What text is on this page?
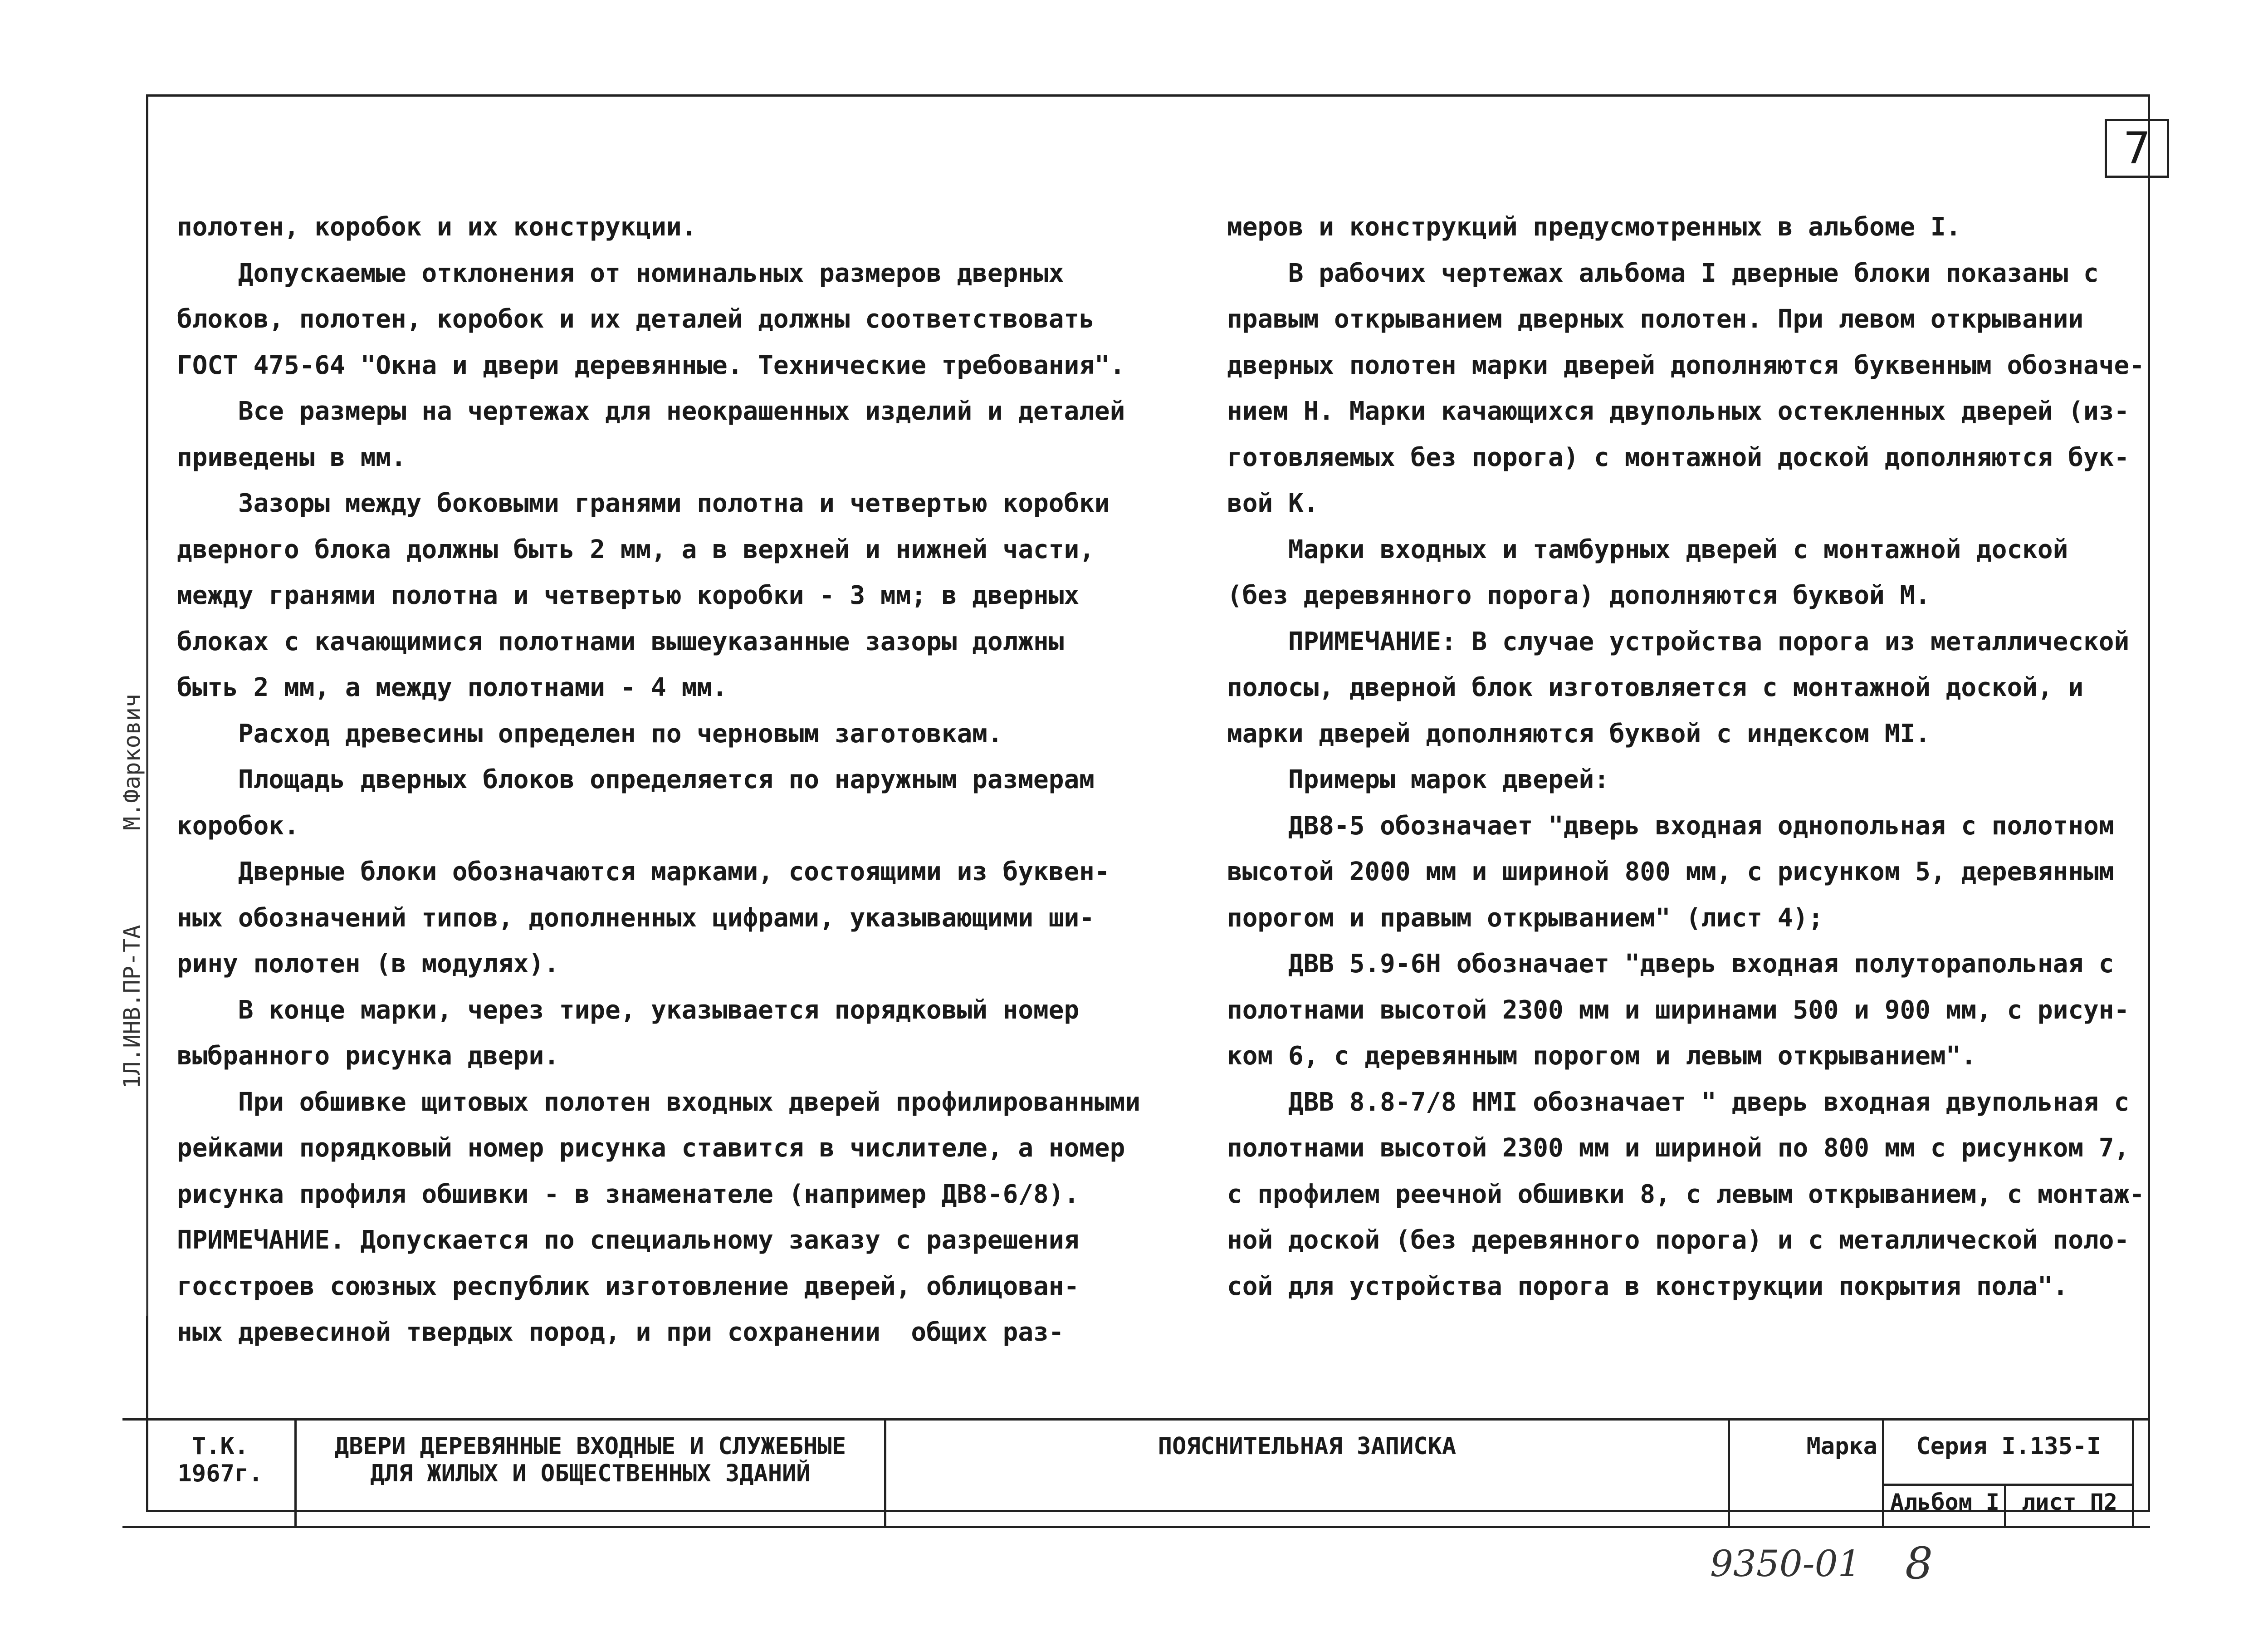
7

полотен, коробок и их конструкции.

Допускаемые отклонения от номинальных размеров дверных

блоков, полотен, коробок и их деталей должны соответствовать

ГОСТ 475-64 "Окна и двери деревянные. Технические требования".

Все размеры на чертежах для неокрашенных изделий и деталей

приведены в мм.

Зазоры между боковыми гранями полотна и четвертью коробки

дверного блока должны быть 2 мм, а в верхней и нижней части,

между гранями полотна и четвертью коробки - 3 мм; в дверных

блоках с качающимися полотнами вышеуказанные зазоры должны

быть 2 мм, а между полотнами - 4 мм.

Расход древесины определен по черновым заготовкам.

Площадь дверных блоков определяется по наружным размерам

коробок.

Дверные блоки обозначаются марками, состоящими из буквен-

ных обозначений типов, дополненных цифрами, указывающими ши-

рину полотен (в модулях).

В конце марки, через тире, указывается порядковый номер

выбранного рисунка двери.

При обшивке щитовых полотен входных дверей профилированными

рейками порядковый номер рисунка ставится в числителе, а номер

рисунка профиля обшивки - в знаменателе (например ДВ8-6/8).

ПРИМЕЧАНИЕ. Допускается по специальному заказу с разрешения

госстроев союзных республик изготовление дверей, облицован-

ных древесиной твердых пород, и при сохранении  общих раз-

меров и конструкций предусмотренных в альбоме I.

В рабочих чертежах альбома I дверные блоки показаны с

правым открыванием дверных полотен. При левом открывании

дверных полотен марки дверей дополняются буквенным обозначе-

нием Н. Марки качающихся двупольных остекленных дверей (из-

готовляемых без порога) с монтажной доской дополняются бук-

вой К.

Марки входных и тамбурных дверей с монтажной доской

(без деревянного порога) дополняются буквой М.

ПРИМЕЧАНИЕ: В случае устройства порога из металлической

полосы, дверной блок изготовляется с монтажной доской, и

марки дверей дополняются буквой с индексом МI.

Примеры марок дверей:

ДВ8-5 обозначает "дверь входная однопольная с полотном

высотой 2000 мм и шириной 800 мм, с рисунком 5, деревянным

порогом и правым открыванием" (лист 4);

ДВВ 5.9-6Н обозначает "дверь входная полуторапольная с

полотнами высотой 2300 мм и ширинами 500 и 900 мм, с рисун-

ком 6, с деревянным порогом и левым открыванием".

ДВВ 8.8-7/8 НМI обозначает " дверь входная двупольная с

полотнами высотой 2300 мм и шириной по 800 мм с рисунком 7,

с профилем реечной обшивки 8, с левым открыванием, с монтаж-

ной доской (без деревянного порога) и с металлической поло-

сой для устройства порога в конструкции покрытия пола".

М.Фаркович
1Л.ИНВ.ПР-ТА
Т.К.
1967г.
ДВЕРИ ДЕРЕВЯННЫЕ ВХОДНЫЕ И СЛУЖЕБНЫЕ
ДЛЯ ЖИЛЫХ И ОБЩЕСТВЕННЫХ ЗДАНИЙ
ПОЯСНИТЕЛЬНАЯ ЗАПИСКА	Марка	Серия I.135-I
Альбом I лист П2
9350-01 8
